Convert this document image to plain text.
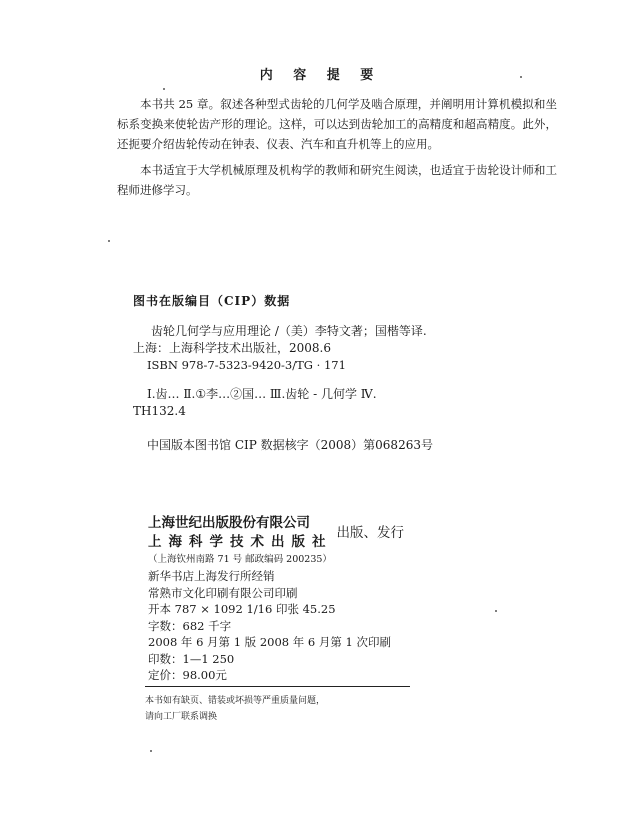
内 容 提 要

本书共 25 章。叙述各种型式齿轮的几何学及啮合原理，并阐明用计算机模拟和坐标系变换来使轮齿产形的理论。这样，可以达到齿轮加工的高精度和超高精度。此外，还扼要介绍齿轮传动在钟表、仪表、汽车和直升机等上的应用。

本书适宜于大学机械原理及机构学的教师和研究生阅读，也适宜于齿轮设计师和工程师进修学习。

图书在版编目（CIP）数据
齿轮几何学与应用理论 /（美）李特文著；国楷等译.
上海：上海科学技术出版社，2008.6
ISBN 978-7-5323-9420-3/TG · 171
Ⅰ.齿… Ⅱ.①李…②国… Ⅲ.齿轮 - 几何学 Ⅳ.
TH132.4
中国版本图书馆 CIP 数据核字（2008）第068263号
上海世纪出版股份有限公司
上海科学技术出版社
出版、发行
（上海钦州南路 71 号 邮政编码 200235）
新华书店上海发行所经销
常熟市文化印刷有限公司印刷
开本 787 × 1092 1/16 印张 45.25
字数：682 千字
2008 年 6 月第 1 版 2008 年 6 月第 1 次印刷
印数：1—1 250
定价：98.00元
本书如有缺页、错装或坏损等严重质量问题，
请向工厂联系调换
